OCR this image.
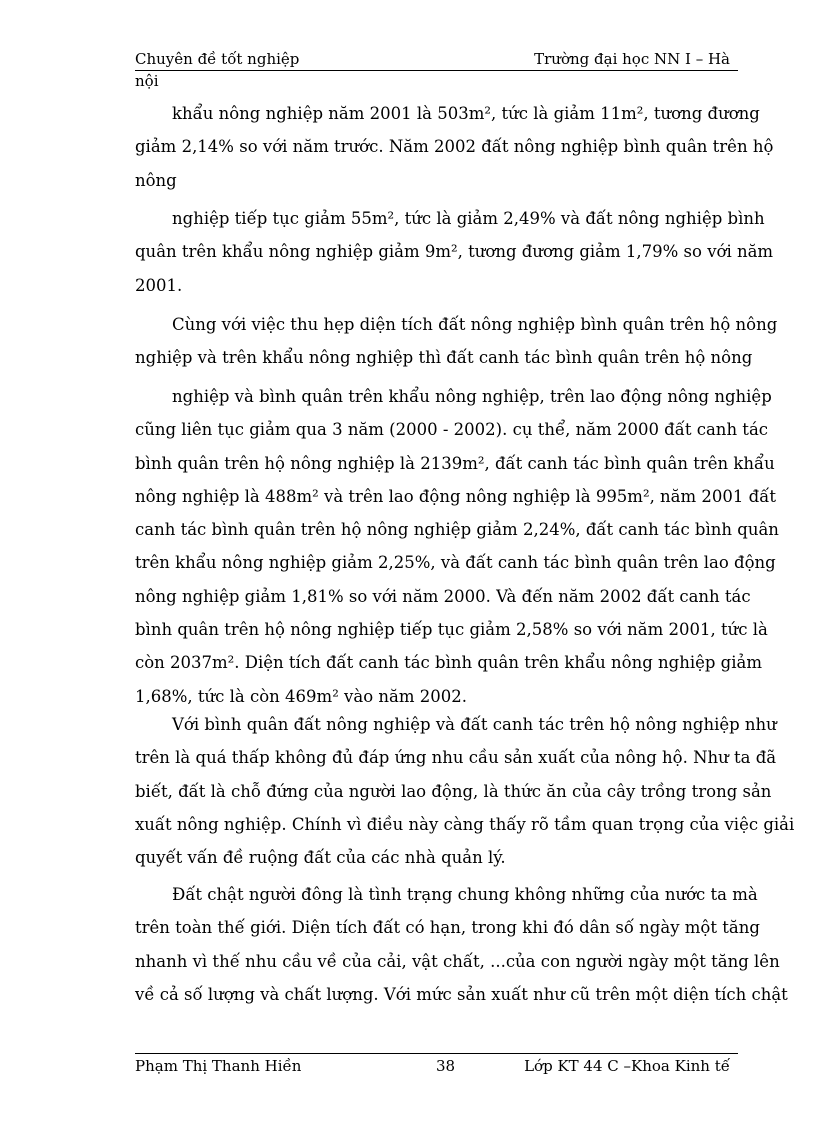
Chuyên đề tốt nghiệp	Trường đại học NN I – Hà
nội
khẩu nông nghiệp năm 2001 là 503m², tức là giảm 11m², tương đương
giảm 2,14% so với năm trước. Năm 2002 đất nông nghiệp bình quân trên hộ
nông
nghiệp tiếp tục giảm 55m², tức là giảm 2,49% và đất nông nghiệp bình
quân trên khẩu nông nghiệp giảm 9m², tương đương giảm 1,79% so với năm
2001.
Cùng với việc thu hẹp diện tích đất nông nghiệp bình quân trên hộ nông
nghiệp và trên khẩu nông nghiệp thì đất canh tác bình quân trên hộ nông
nghiệp và bình quân trên khẩu nông nghiệp, trên lao động nông nghiệp
cũng liên tục giảm qua 3 năm (2000 - 2002). cụ thể, năm 2000 đất canh tác
bình quân trên hộ nông nghiệp là 2139m², đất canh tác bình quân trên khẩu
nông nghiệp là 488m² và trên lao động nông nghiệp là 995m², năm 2001 đất
canh tác bình quân trên hộ nông nghiệp giảm 2,24%, đất canh tác bình quân
trên khẩu nông nghiệp giảm 2,25%, và đất canh tác bình quân trên lao động
nông nghiệp giảm 1,81% so với năm 2000. Và đến năm 2002 đất canh tác
bình quân trên hộ nông nghiệp tiếp tục giảm 2,58% so với năm 2001, tức là
còn 2037m². Diện tích đất canh tác bình quân trên khẩu nông nghiệp giảm
1,68%, tức là còn 469m² vào năm 2002.
Với bình quân đất nông nghiệp và đất canh tác trên hộ nông nghiệp như
trên là quá thấp không đủ đáp ứng nhu cầu sản xuất của nông hộ. Như ta đã
biết, đất là chỗ đứng của người lao động, là thức ăn của cây trồng trong sản
xuất nông nghiệp. Chính vì điều này càng thấy rõ tầm quan trọng của việc giải
quyết vấn đề ruộng đất của các nhà quản lý.
Đất chật người đông là tình trạng chung không những của nước ta mà
trên toàn thế giới. Diện tích đất có hạn, trong khi đó dân số ngày một tăng
nhanh vì thế nhu cầu về của cải, vật chất, ...của con người ngày một tăng lên
về cả số lượng và chất lượng. Với mức sản xuất như cũ trên một diện tích chật
Phạm Thị Thanh Hiền	38	Lớp KT 44 C –Khoa Kinh tế
